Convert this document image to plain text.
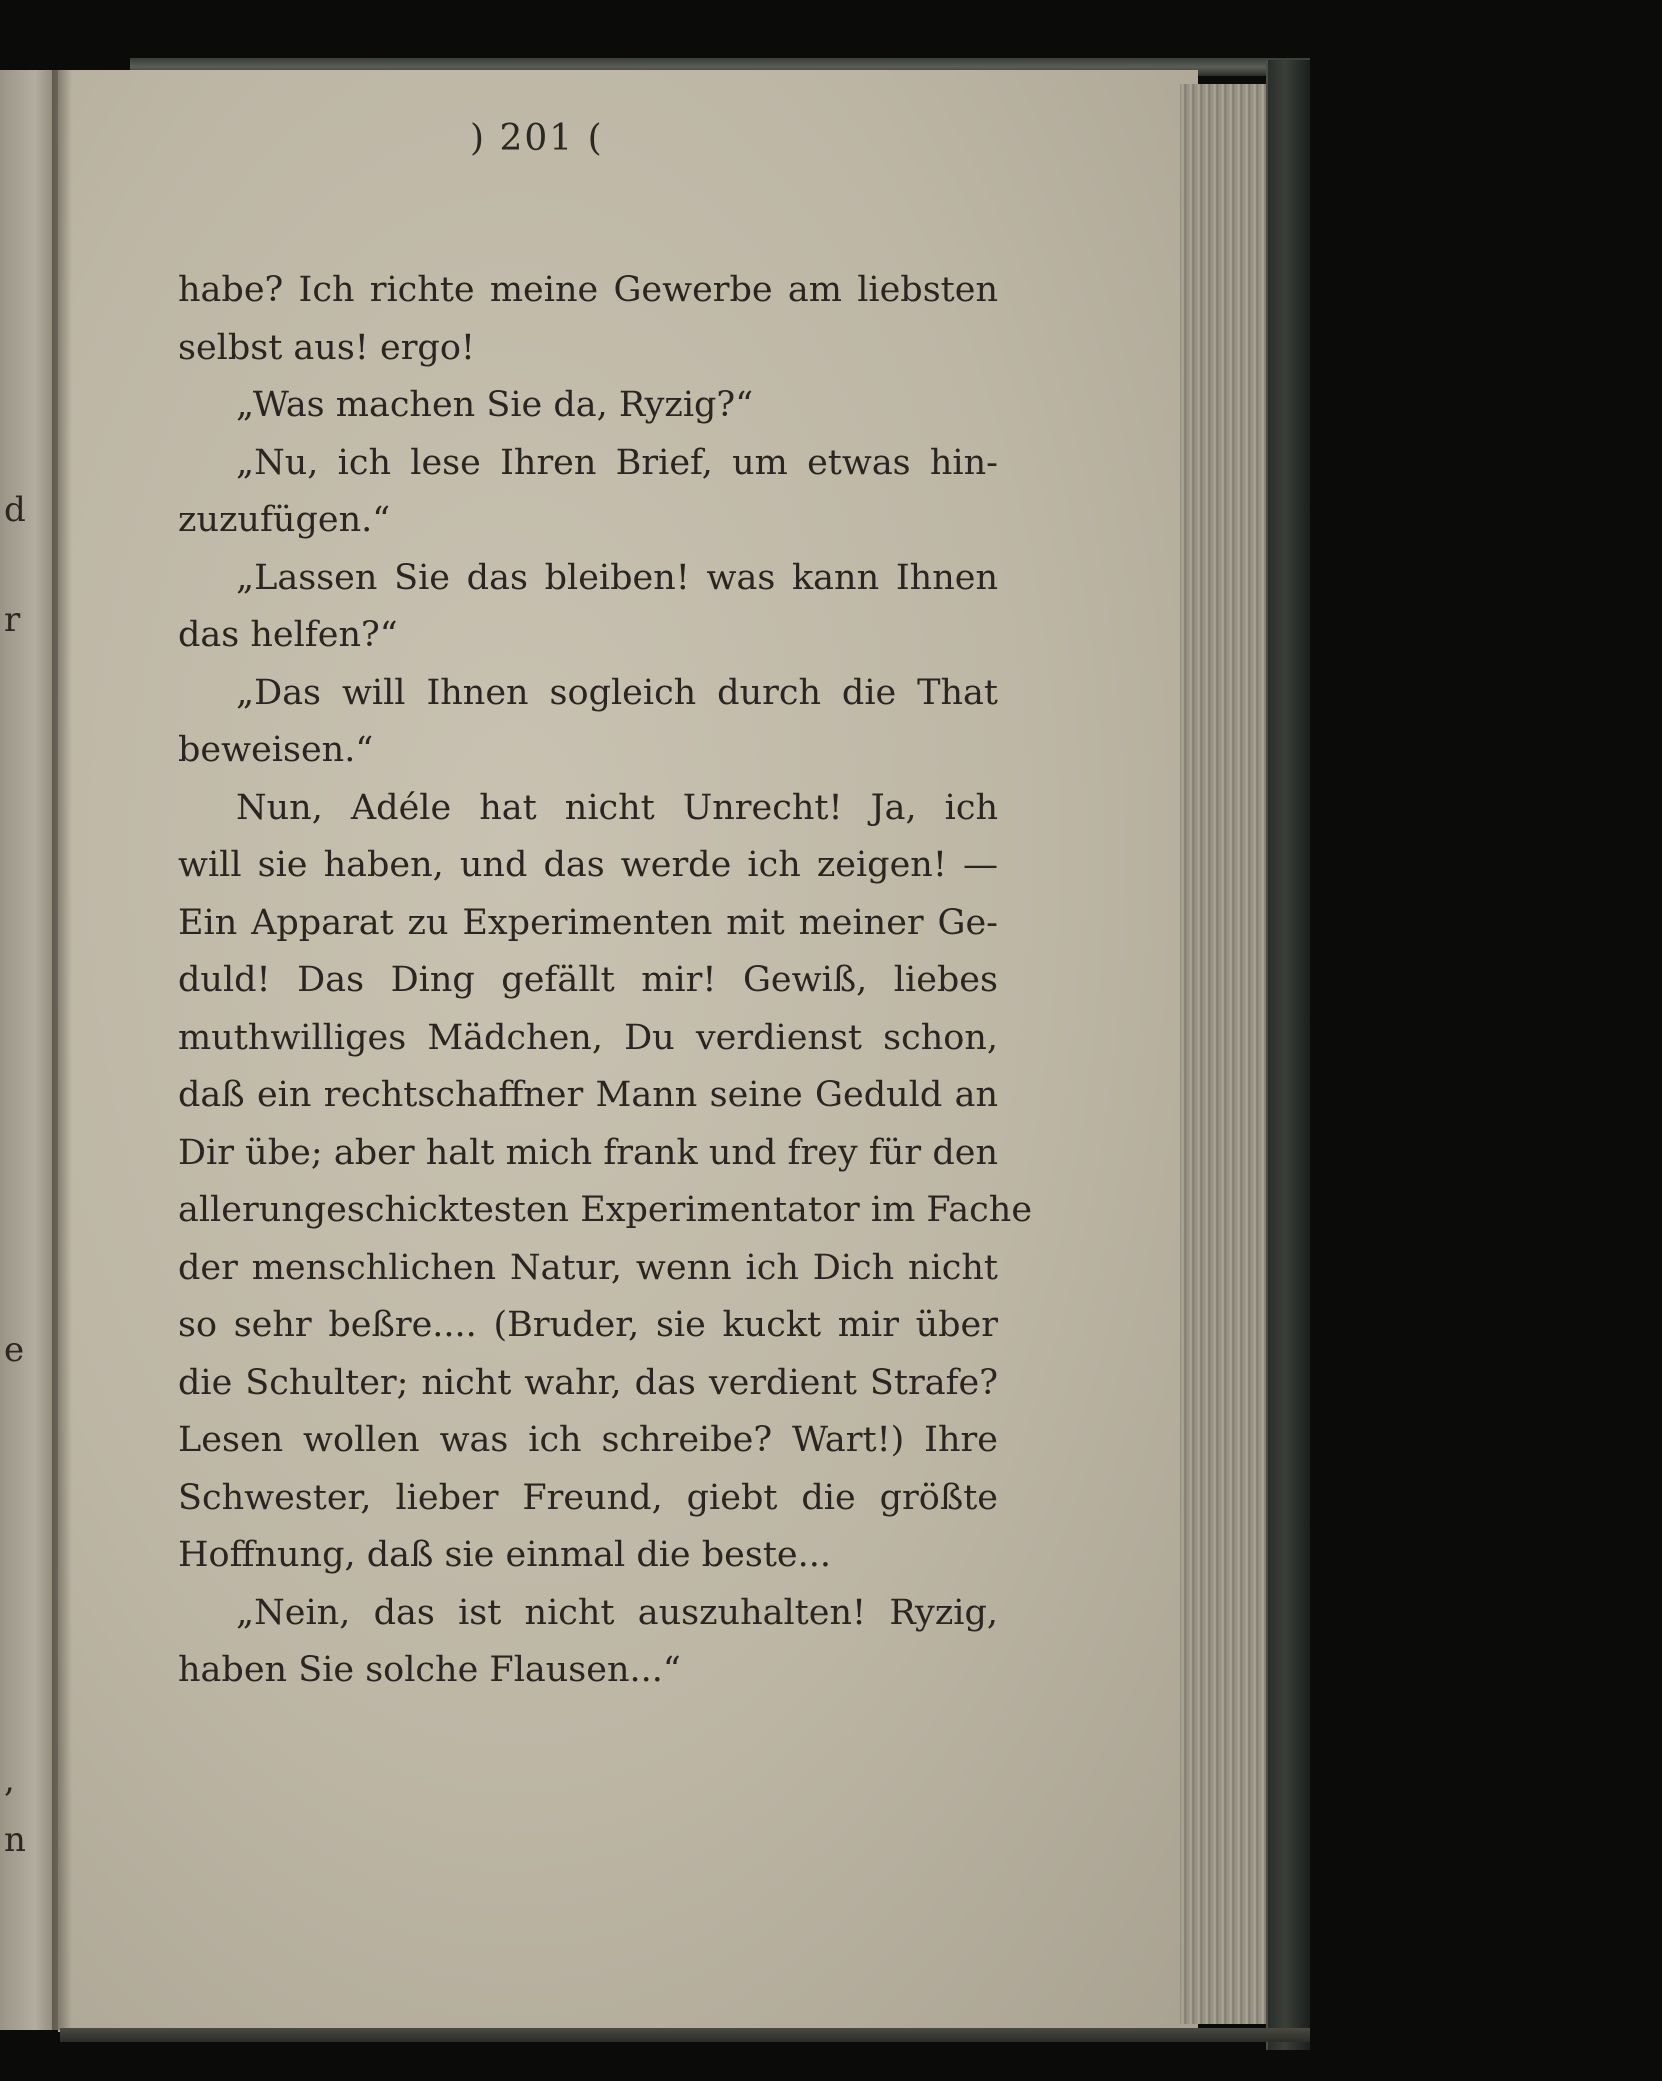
d
r
e
,
n
) 201 (
habe? Ich richte meine Gewerbe am liebsten
selbst aus! ergo!
„Was machen Sie da, Ryzig?“
„Nu, ich lese Ihren Brief, um etwas hin-
zuzufügen.“
„Lassen Sie das bleiben! was kann Ihnen
das helfen?“
„Das will Ihnen sogleich durch die That
beweisen.“
Nun, Adéle hat nicht Unrecht! Ja, ich
will sie haben, und das werde ich zeigen! —
Ein Apparat zu Experimenten mit meiner Ge-
duld! Das Ding gefällt mir! Gewiß, liebes
muthwilliges Mädchen, Du verdienst schon,
daß ein rechtschaffner Mann seine Geduld an
Dir übe; aber halt mich frank und frey für den
allerungeschicktesten Experimentator im Fache
der menschlichen Natur, wenn ich Dich nicht
so sehr beßre.... (Bruder, sie kuckt mir über
die Schulter; nicht wahr, das verdient Strafe?
Lesen wollen was ich schreibe? Wart!) Ihre
Schwester, lieber Freund, giebt die größte
Hoffnung, daß sie einmal die beste...
„Nein, das ist nicht auszuhalten! Ryzig,
haben Sie solche Flausen...“
